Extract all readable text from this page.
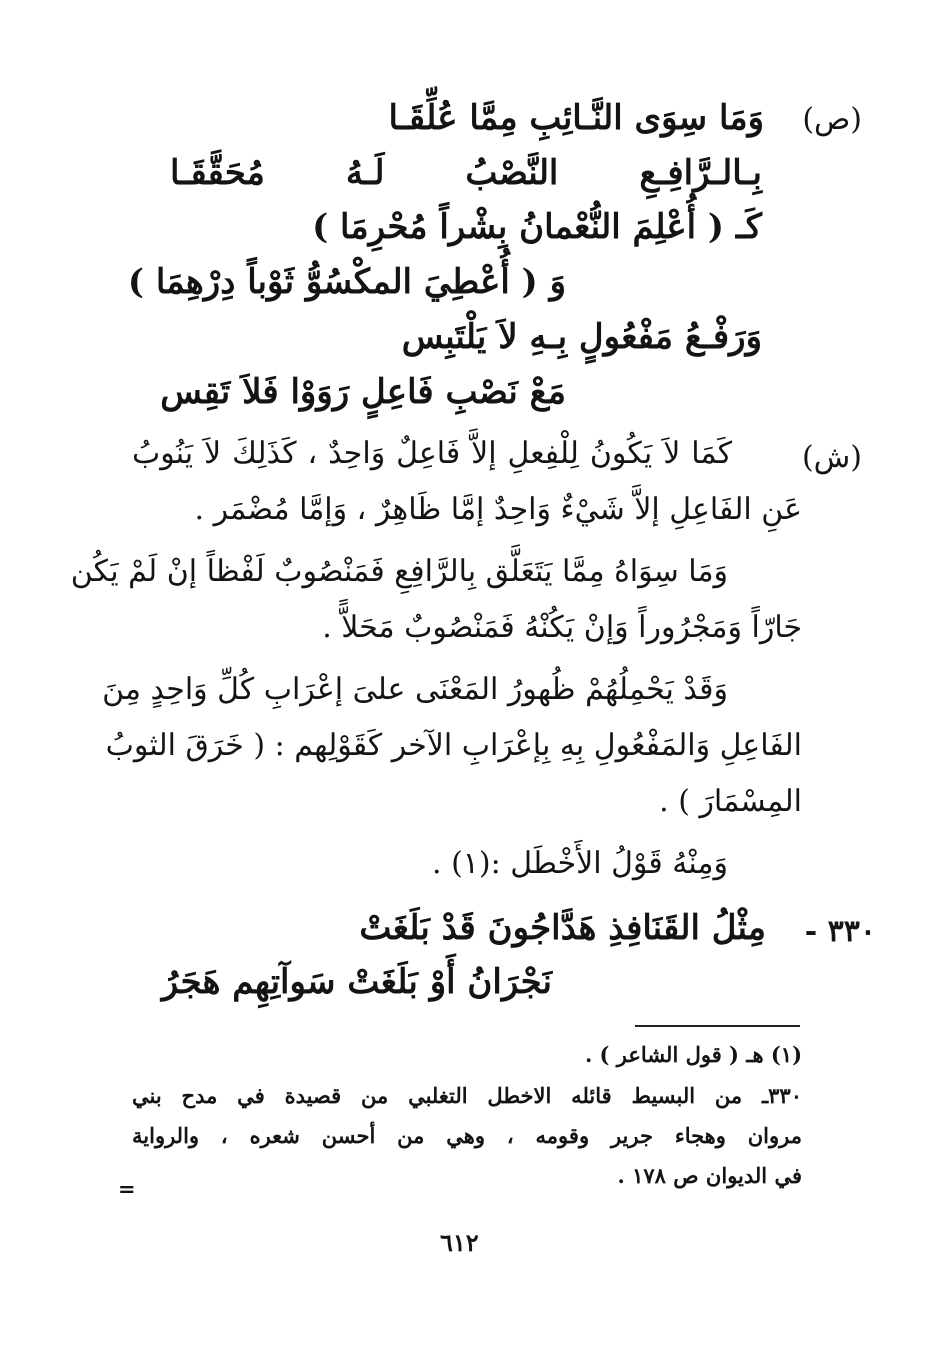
(ص)
وَمَا سِوَى النَّـائِبِ مِمَّا عُلِّقَـا
بِـالـرَّافِـعِ النَّصْبُ لَـهُ مُحَقَّقَـا
كَـ ( أُعْلِمَ النُّعْمانُ بِشْراً مُحْرِمَا )
وَ ( أُعْطِيَ المكْسُوُّ ثَوْباً دِرْهِمَا )
وَرَفْـعُ مَفْعُولٍ بِـهِ لاَ يَلْتَبِس
مَعْ نَصْبِ فَاعِلٍ رَوَوْا فَلاَ تَقِس
(ش)
كَمَا لاَ يَكُونُ لِلْفِعلِ إلاَّ فَاعِلٌ وَاحِدٌ ، كَذَلِكَ لاَ يَنُوبُ
عَنِ الفَاعِلِ إلاَّ شَيْءٌ وَاحِدٌ إمَّا ظَاهِرٌ ، وَإمَّا مُضْمَر .
وَمَا سِوَاهُ مِمَّا يَتَعَلَّق بِالرَّافِعِ فَمَنْصُوبٌ لَفْظاً إنْ لَمْ يَكُن
جَارّاً وَمَجْرُوراً وَإنْ يَكُنْهُ فَمَنْصُوبٌ مَحَلاًّ .
وَقَدْ يَحْمِلُهُمْ ظُهورُ المَعْنَى علىَ إعْرَابِ كُلِّ وَاحِدٍ مِنَ
الفَاعِلِ وَالمَفْعُولِ بِهِ بِإعْرَابِ الآخر كَقَوْلِهم : ( خَرَقَ الثوبُ
المِسْمَارَ ) .
وَمِنْهُ قَوْلُ الأَخْطَل :(١) .
٣٣٠ -
مِثْلُ القَنَافِذِ هَدَّاجُونَ قَدْ بَلَغَتْ
نَجْرَانُ أَوْ بَلَغَتْ سَوآتِهِم هَجَرُ
(١) هـ ( قول الشاعر ) .
٣٣٠ـ من البسيط قائله الاخطل التغلبي من قصيدة في مدح بني
مروان وهجاء جرير وقومه ، وهي من أحسن شعره ، والرواية
في الديوان ص ١٧٨ .
=
٦١٢
